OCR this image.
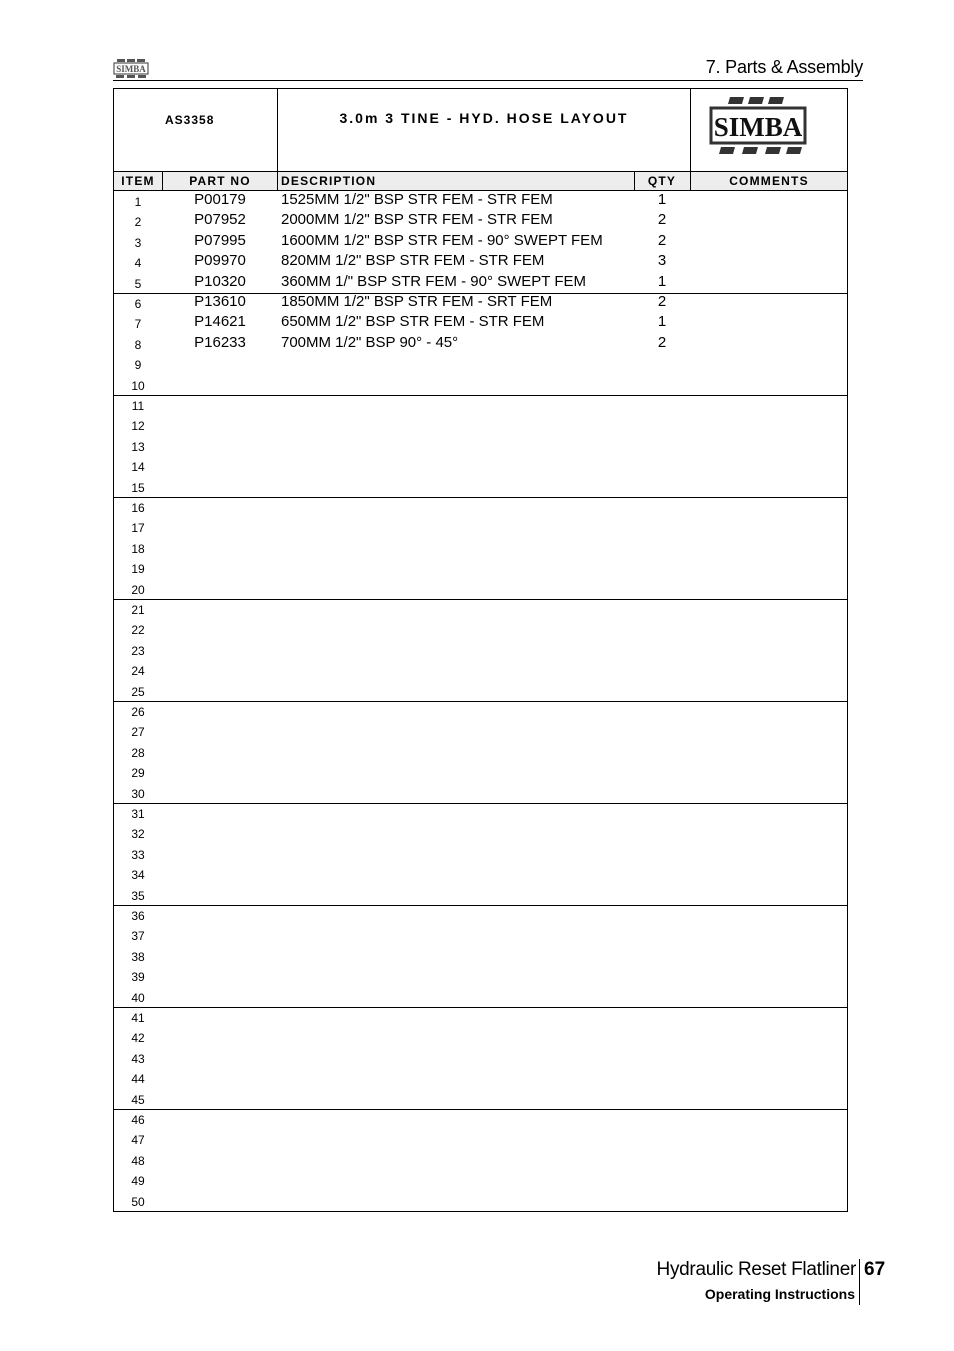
SIMBA	7. Parts & Assembly
AS3358	3.0m 3 TINE - HYD. HOSE LAYOUT	SIMBA
ITEM	PART NO	DESCRIPTION	QTY	COMMENTS
1	P00179	1525MM 1/2" BSP STR FEM - STR FEM	1
2	P07952	2000MM 1/2" BSP STR FEM - STR FEM	2
3	P07995	1600MM 1/2" BSP STR FEM - 90° SWEPT FEM	2
4	P09970	820MM 1/2" BSP STR FEM - STR FEM	3
5	P10320	360MM 1/" BSP STR FEM - 90° SWEPT FEM	1
6	P13610	1850MM 1/2" BSP STR FEM - SRT FEM	2
7	P14621	650MM 1/2" BSP STR FEM - STR FEM	1
8	P16233	700MM 1/2" BSP 90° - 45°	2
9
10
11
12
13
14
15
16
17
18
19
20
21
22
23
24
25
26
27
28
29
30
31
32
33
34
35
36
37
38
39
40
41
42
43
44
45
46
47
48
49
50
Hydraulic Reset Flatliner 67
Operating Instructions
